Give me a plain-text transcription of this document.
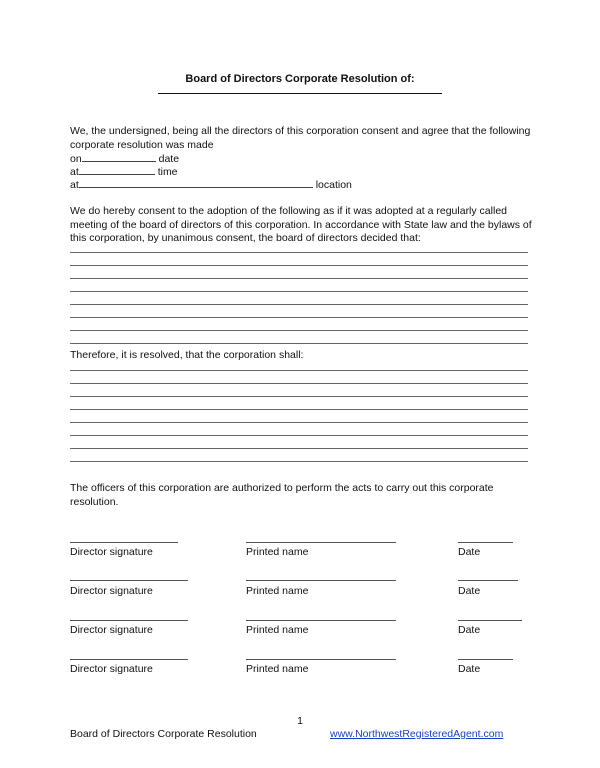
Board of Directors Corporate Resolution of:
We, the undersigned, being all the directors of this corporation consent and agree that the following corporate resolution was made
on	date
at	time
at	location
We do hereby consent to the adoption of the following as if it was adopted at a regularly called meeting of the board of directors of this corporation. In accordance with State law and the bylaws of this corporation, by unanimous consent, the board of directors decided that:
Therefore, it is resolved, that the corporation shall:
The officers of this corporation are authorized to perform the acts to carry out this corporate resolution.
Director signature	Printed name	Date
Director signature	Printed name	Date
Director signature	Printed name	Date
Director signature	Printed name	Date
1
Board of Directors Corporate Resolution	www.NorthwestRegisteredAgent.com
